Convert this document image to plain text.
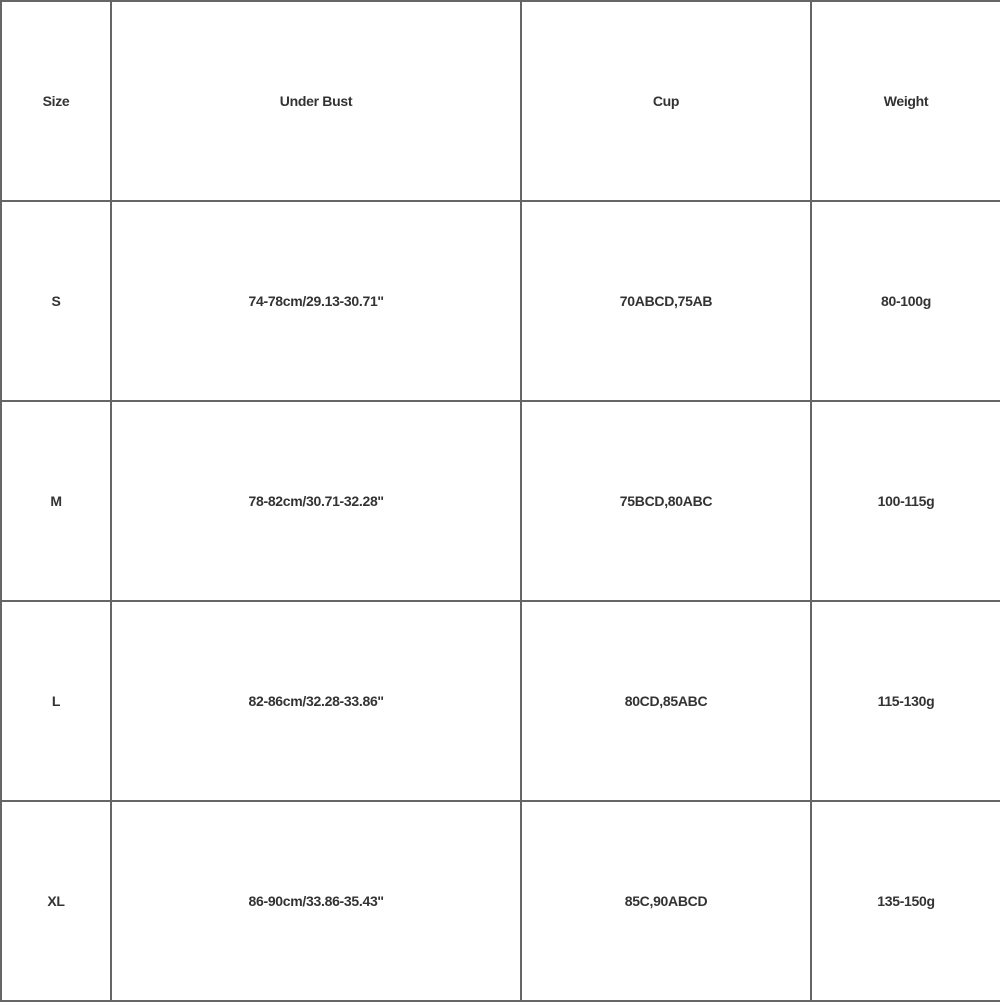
Size	Under Bust	Cup	Weight
S	74-78cm/29.13-30.71''	70ABCD,75AB	80-100g
M	78-82cm/30.71-32.28''	75BCD,80ABC	100-115g
L	82-86cm/32.28-33.86''	80CD,85ABC	115-130g
XL	86-90cm/33.86-35.43''	85C,90ABCD	135-150g
